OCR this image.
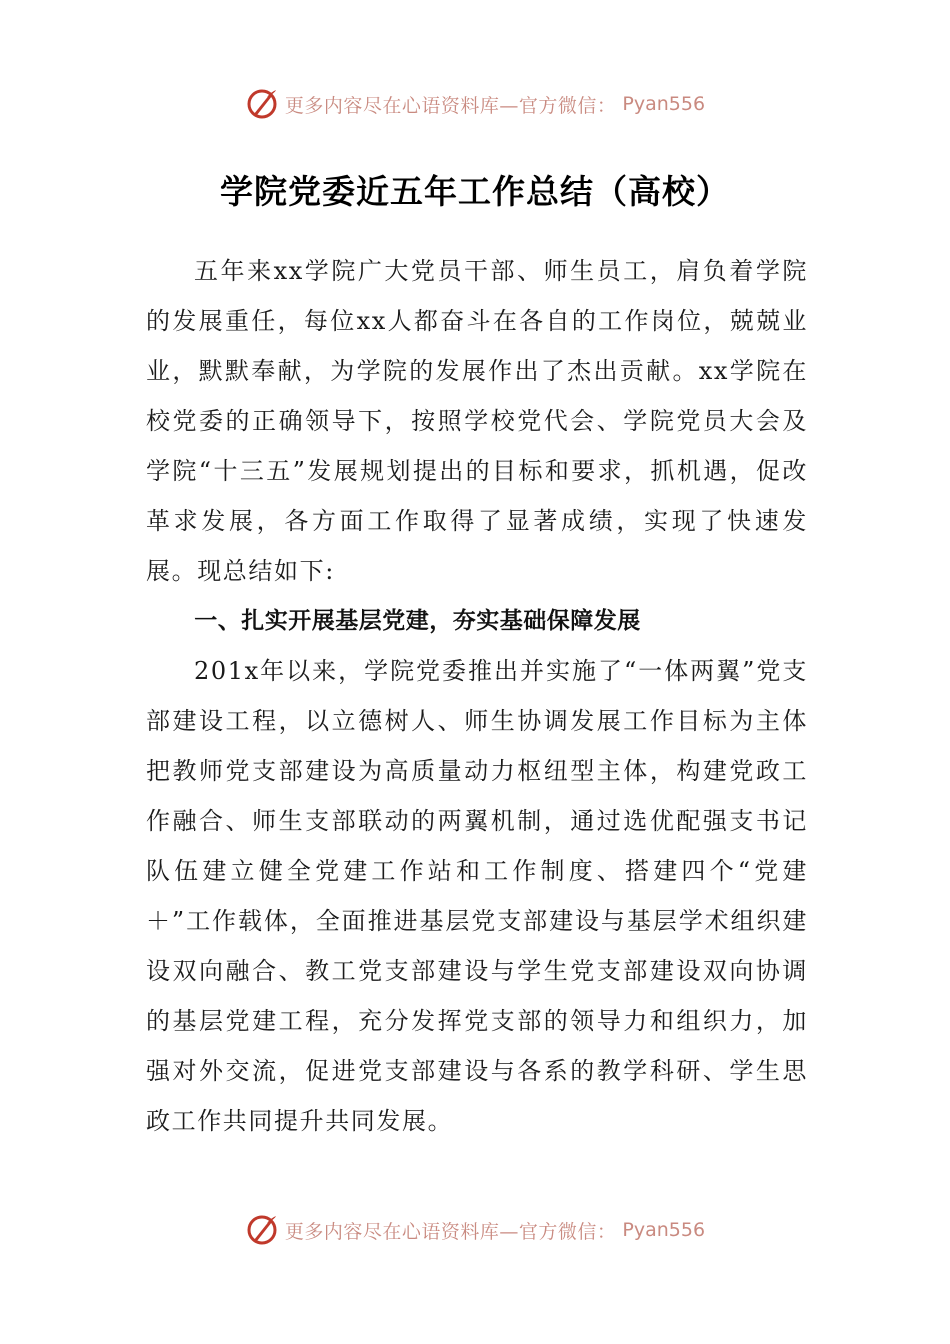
更多内容尽在心语资料库—官方微信： Pyan556
学院党委近五年工作总结（高校）

五年来xx学院广大党员干部、师生员工，肩负着学院的发展重任，每位xx人都奋斗在各自的工作岗位，兢兢业业，默默奉献，为学院的发展作出了杰出贡献。xx学院在校党委的正确领导下，按照学校党代会、学院党员大会及学院“十三五”发展规划提出的目标和要求，抓机遇，促改革求发展，各方面工作取得了显著成绩，实现了快速发展。现总结如下:

一、扎实开展基层党建，夯实基础保障发展

201x年以来，学院党委推出并实施了“一体两翼”党支部建设工程，以立德树人、师生协调发展工作目标为主体把教师党支部建设为高质量动力枢纽型主体，构建党政工作融合、师生支部联动的两翼机制，通过选优配强支书记队伍建立健全党建工作站和工作制度、搭建四个“党建＋”工作载体，全面推进基层党支部建设与基层学术组织建设双向融合、教工党支部建设与学生党支部建设双向协调的基层党建工程，充分发挥党支部的领导力和组织力，加强对外交流，促进党支部建设与各系的教学科研、学生思政工作共同提升共同发展。

更多内容尽在心语资料库—官方微信： Pyan556
